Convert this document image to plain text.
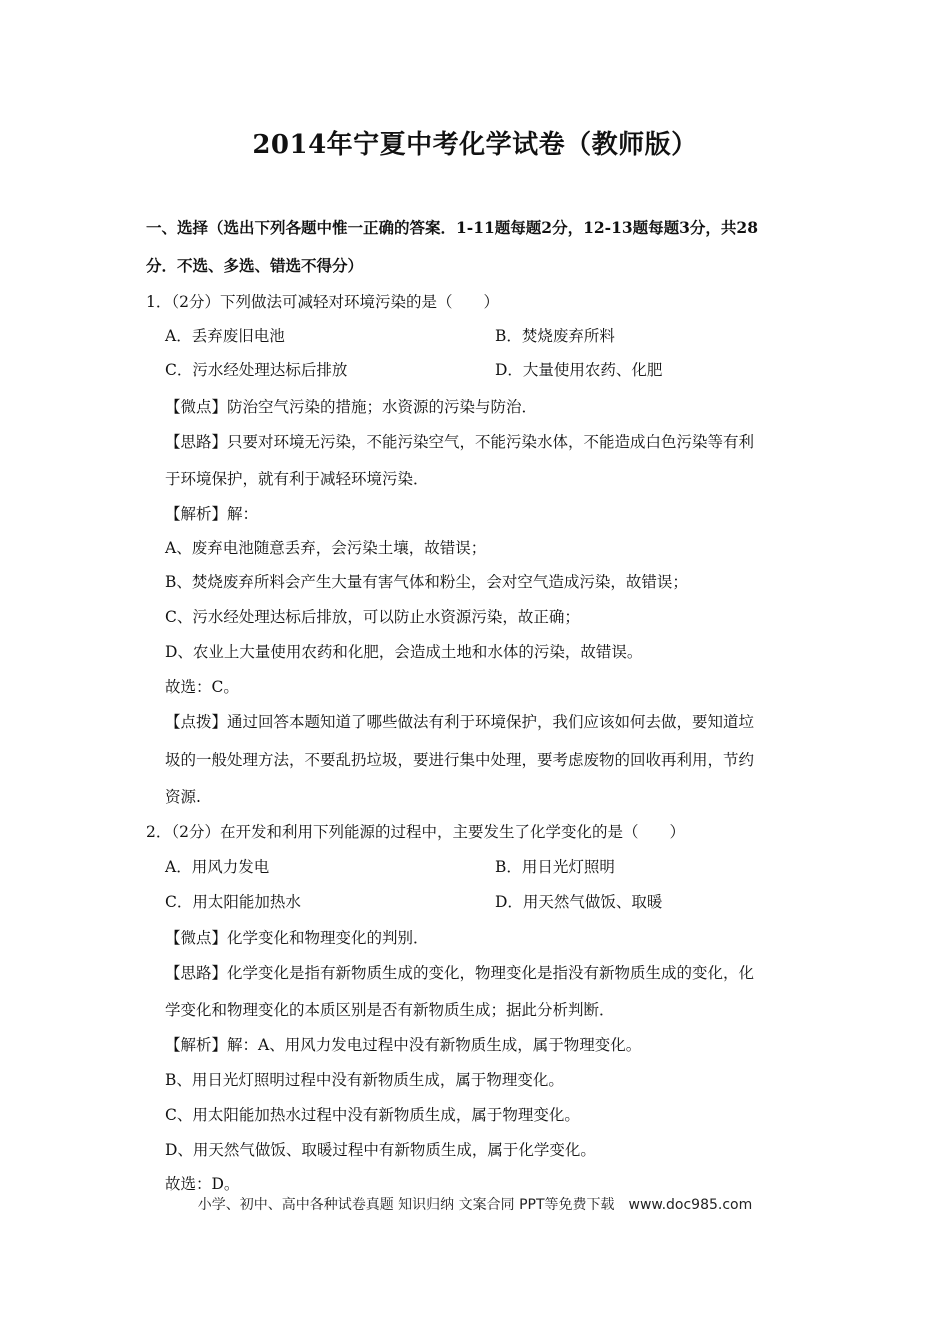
2014年宁夏中考化学试卷（教师版）
一、选择（选出下列各题中惟一正确的答案．1-11题每题2分，12-13题每题3分，共28
分．不选、多选、错选不得分）
1．（2分）下列做法可减轻对环境污染的是（　　）
A．丢弃废旧电池	B．焚烧废弃所料
C．污水经处理达标后排放	D．大量使用农药、化肥
【微点】防治空气污染的措施；水资源的污染与防治．
【思路】只要对环境无污染，不能污染空气，不能污染水体，不能造成白色污染等有利
于环境保护，就有利于减轻环境污染．
【解析】解：
A、废弃电池随意丢弃，会污染土壤，故错误；
B、焚烧废弃所料会产生大量有害气体和粉尘，会对空气造成污染，故错误；
C、污水经处理达标后排放，可以防止水资源污染，故正确；
D、农业上大量使用农药和化肥，会造成土地和水体的污染，故错误。
故选：C。
【点拨】通过回答本题知道了哪些做法有利于环境保护，我们应该如何去做，要知道垃
圾的一般处理方法，不要乱扔垃圾，要进行集中处理，要考虑废物的回收再利用，节约
资源.
2．（2分）在开发和利用下列能源的过程中，主要发生了化学变化的是（　　）
A．用风力发电	B．用日光灯照明
C．用太阳能加热水	D．用天然气做饭、取暖
【微点】化学变化和物理变化的判别．
【思路】化学变化是指有新物质生成的变化，物理变化是指没有新物质生成的变化，化
学变化和物理变化的本质区别是否有新物质生成；据此分析判断．
【解析】解：A、用风力发电过程中没有新物质生成，属于物理变化。
B、用日光灯照明过程中没有新物质生成，属于物理变化。
C、用太阳能加热水过程中没有新物质生成，属于物理变化。
D、用天然气做饭、取暖过程中有新物质生成，属于化学变化。
故选：D。
小学、初中、高中各种试卷真题 知识归纳 文案合同 PPT等免费下载　www.doc985.com
